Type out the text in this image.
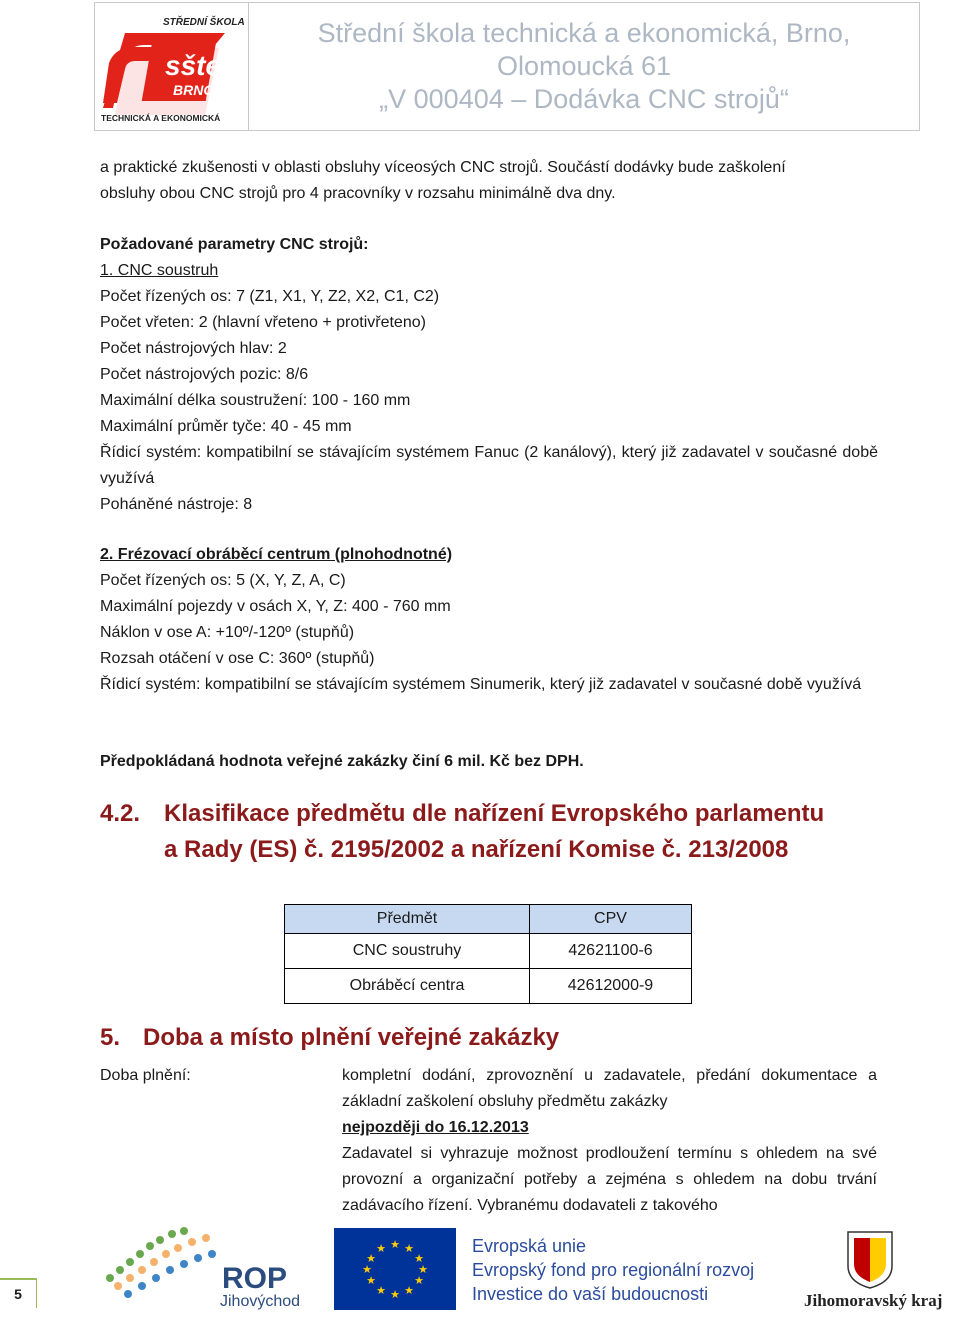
STŘEDNÍ ŠKOLA
sšte
BRNO
TECHNICKÁ A EKONOMICKÁ
Střední škola technická a ekonomická, Brno,
Olomoucká 61
„V 000404 – Dodávka CNC strojů“
a praktické zkušenosti v oblasti obsluhy víceosých CNC strojů. Součástí dodávky bude zaškolení
obsluhy obou CNC strojů pro 4 pracovníky v rozsahu minimálně dva dny.
Požadované parametry CNC strojů:
1. CNC soustruh
Počet řízených os: 7 (Z1, X1, Y, Z2, X2, C1, C2)
Počet vřeten: 2 (hlavní vřeteno + protivřeteno)
Počet nástrojových hlav: 2
Počet nástrojových pozic: 8/6
Maximální délka soustružení: 100 - 160 mm
Maximální průměr tyče: 40 - 45 mm
Řídicí systém: kompatibilní se stávajícím systémem Fanuc (2 kanálový), který již zadavatel v současné době využívá
Poháněné nástroje: 8
2. Frézovací obráběcí centrum (plnohodnotné)
Počet řízených os: 5 (X, Y, Z, A, C)
Maximální pojezdy v osách X, Y, Z: 400 - 760 mm
Náklon v ose A: +10º/-120º (stupňů)
Rozsah otáčení v ose C: 360º (stupňů)
Řídicí systém: kompatibilní se stávajícím systémem Sinumerik, který již zadavatel v současné době využívá
Předpokládaná hodnota veřejné zakázky činí 6 mil. Kč bez DPH.
4.2. Klasifikace předmětu dle nařízení Evropského parlamentu
a Rady (ES) č. 2195/2002 a nařízení Komise č. 213/2008
Předmět	CPV
CNC soustruhy	42621100-6
Obráběcí centra	42612000-9
5. Doba a místo plnění veřejné zakázky
Doba plnění:	kompletní dodání, zprovoznění u zadavatele, předání dokumentace a základní zaškolení obsluhy předmětu zakázky
nejpozději do 16.12.2013
Zadavatel si vyhrazuje možnost prodloužení termínu s ohledem na své provozní a organizační potřeby a zejména s ohledem na dobu trvání zadávacího řízení. Vybranému dodavateli z takového
5	ROP
Jihovýchod
★ ★
★
★
★
★
★
★
★
★
★
★	Evropská unie
Evropský fond pro regionální rozvoj
Investice do vaší budoucnosti	Jihomoravský kraj
